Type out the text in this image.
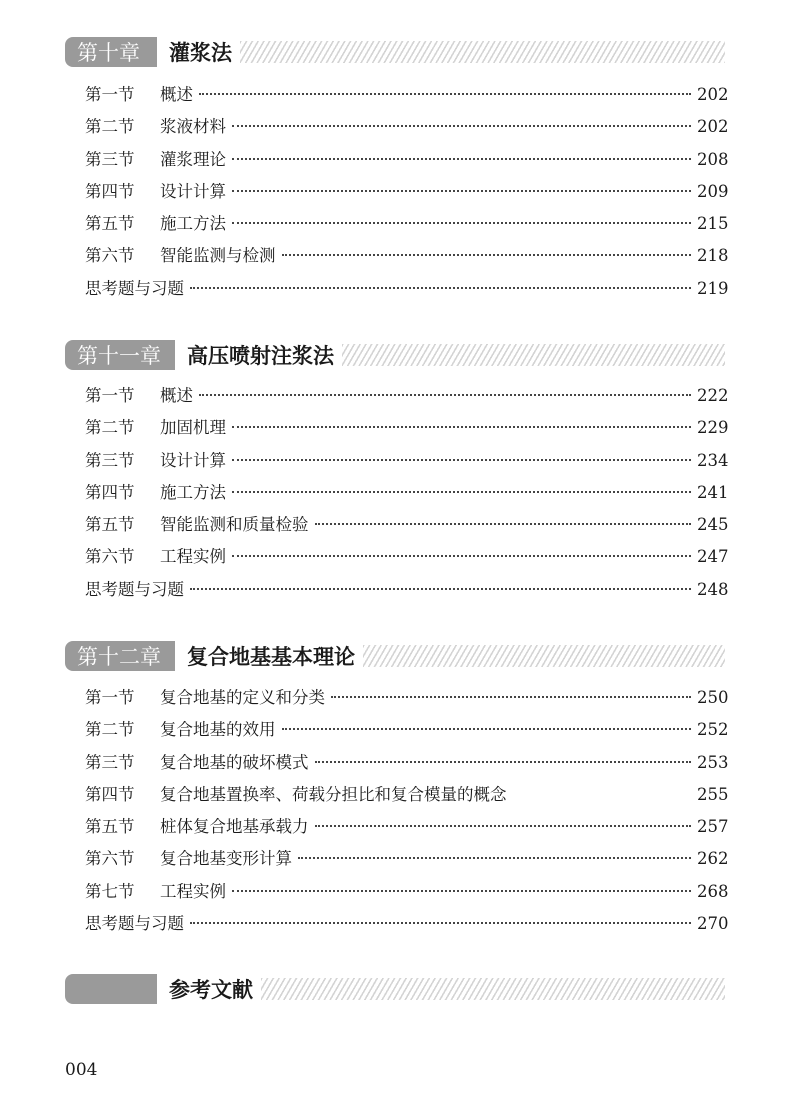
第十章	灌浆法
第一节	概述	202
第二节	浆液材料	202
第三节	灌浆理论	208
第四节	设计计算	209
第五节	施工方法	215
第六节	智能监测与检测	218
思考题与习题	219
第十一章	高压喷射注浆法
第一节	概述	222
第二节	加固机理	229
第三节	设计计算	234
第四节	施工方法	241
第五节	智能监测和质量检验	245
第六节	工程实例	247
思考题与习题	248
第十二章	复合地基基本理论
第一节	复合地基的定义和分类	250
第二节	复合地基的效用	252
第三节	复合地基的破坏模式	253
第四节	复合地基置换率、荷载分担比和复合模量的概念	255
第五节	桩体复合地基承载力	257
第六节	复合地基变形计算	262
第七节	工程实例	268
思考题与习题	270
参考文献
004
